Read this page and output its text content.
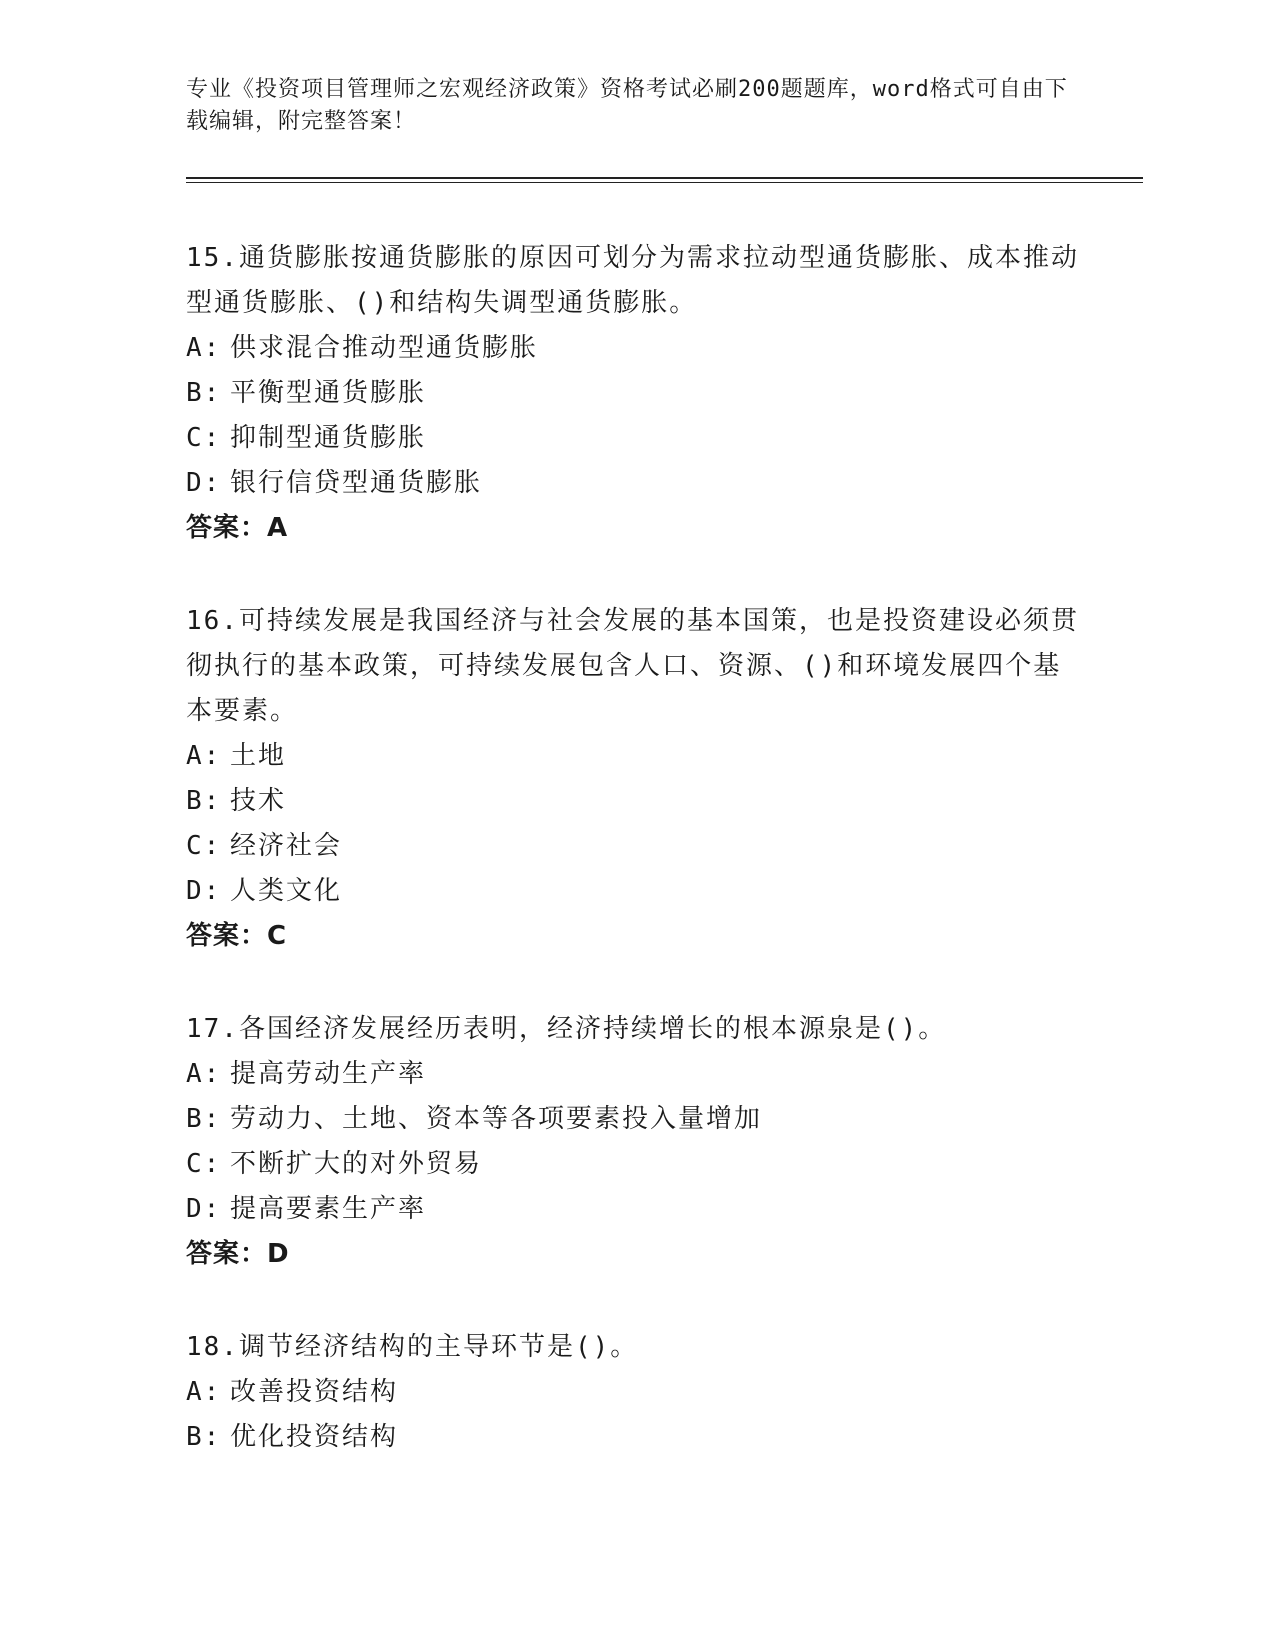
专业《投资项目管理师之宏观经济政策》资格考试必刷200题题库，word格式可自由下载编辑，附完整答案！

15.通货膨胀按通货膨胀的原因可划分为需求拉动型通货膨胀、成本推动型通货膨胀、()和结构失调型通货膨胀。

A: 供求混合推动型通货膨胀

B: 平衡型通货膨胀

C: 抑制型通货膨胀

D: 银行信贷型通货膨胀

答案：A

16.可持续发展是我国经济与社会发展的基本国策，也是投资建设必须贯彻执行的基本政策，可持续发展包含人口、资源、()和环境发展四个基本要素。

A: 土地

B: 技术

C: 经济社会

D: 人类文化

答案：C

17.各国经济发展经历表明，经济持续增长的根本源泉是()。

A: 提高劳动生产率

B: 劳动力、土地、资本等各项要素投入量增加

C: 不断扩大的对外贸易

D: 提高要素生产率

答案：D

18.调节经济结构的主导环节是()。

A: 改善投资结构

B: 优化投资结构
